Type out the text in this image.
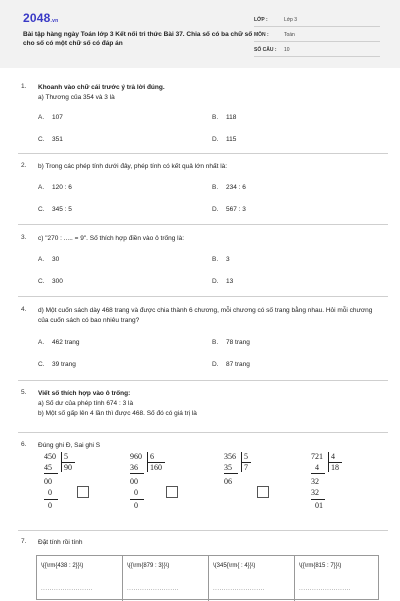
2048.vn
Bài tập hàng ngày Toán lớp 3 Kết nối tri thức Bài 37. Chia số có ba chữ số cho số có một chữ số có đáp án
LỚP :	Lớp 3
MÔN :	Toán
SỐ CÂU :	10
1. Khoanh vào chữ cái trước ý trả lời đúng.
a) Thương của 354 và 3 là
A. 107	B. 118
C. 351	D. 115
2. b) Trong các phép tính dưới đây, phép tính có kết quả lớn nhất là:
A. 120 : 6	B. 234 : 6
C. 345 : 5	D. 567 : 3
3. c) "270 : ..... = 9". Số thích hợp điền vào ô trống là:
A. 30	B. 3
C. 300	D. 13
4. d) Một cuốn sách dày 468 trang và được chia thành 6 chương, mỗi chương có số trang bằng nhau. Hỏi mỗi chương của cuốn sách có bao nhiêu trang?
A. 462 trang	B. 78 trang
C. 39 trang	D. 87 trang
5. Viết số thích hợp vào ô trống:
a) Số dư của phép tính 674 : 3 là
b) Một số gấp lên 4 lần thì được 468. Số đó có giá trị là
6. Đúng ghi Đ, Sai ghi S
450 5
45 90
00
0
0
960 6
36 160
00
0
0
356 5
35 7
06
721 4
4 18
32
32
01
7. Đặt tính rồi tính
\({\rm{438 : 2}}\)
........................
\({\rm{879 : 3}}\)
........................
\(345{\rm{ : 4}}\)
........................
\({\rm{815 : 7}}\)
........................
